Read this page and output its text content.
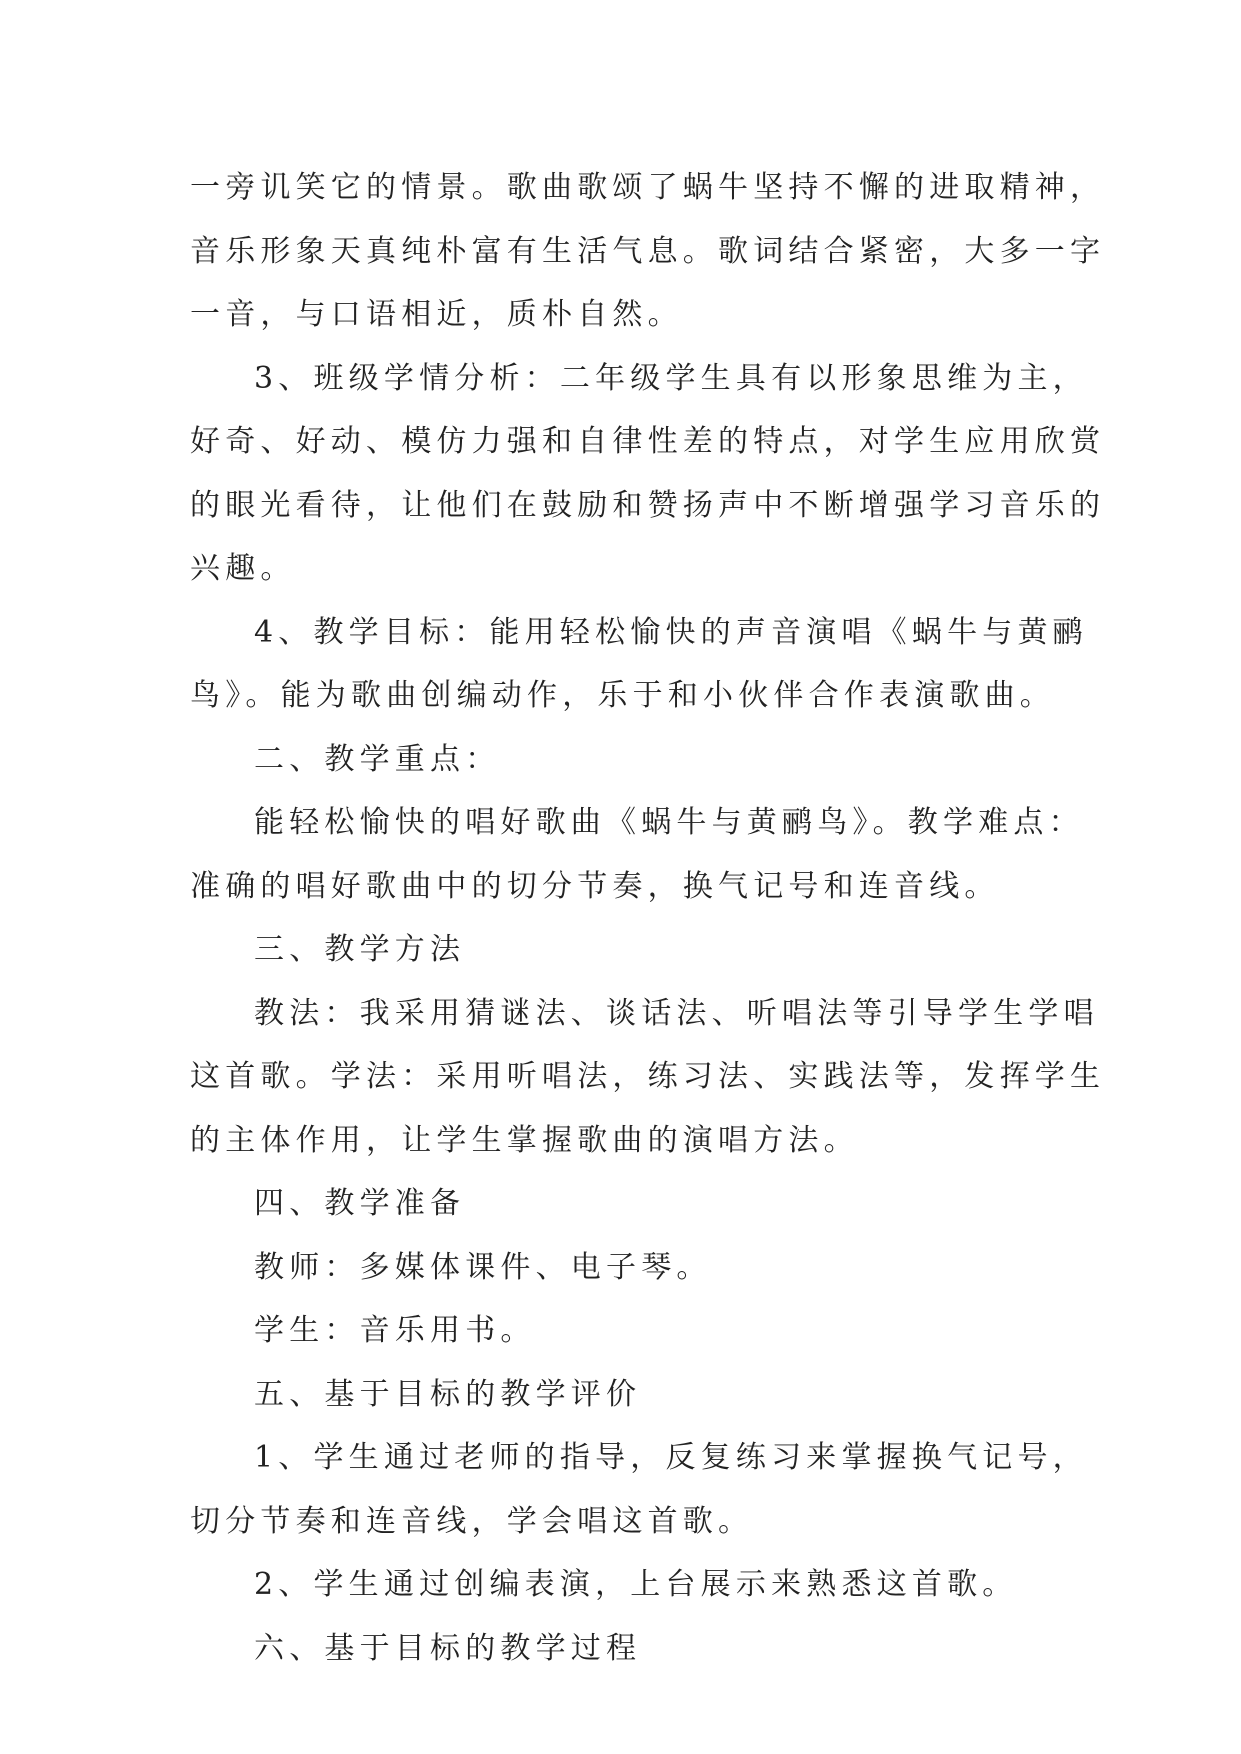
一旁讥笑它的情景。歌曲歌颂了蜗牛坚持不懈的进取精神，
音乐形象天真纯朴富有生活气息。歌词结合紧密，大多一字
一音，与口语相近，质朴自然。
3、班级学情分析：二年级学生具有以形象思维为主，
好奇、好动、模仿力强和自律性差的特点，对学生应用欣赏
的眼光看待，让他们在鼓励和赞扬声中不断增强学习音乐的
兴趣。
4、教学目标：能用轻松愉快的声音演唱《蜗牛与黄鹂
鸟》。能为歌曲创编动作，乐于和小伙伴合作表演歌曲。
二、教学重点：
能轻松愉快的唱好歌曲《蜗牛与黄鹂鸟》。教学难点：
准确的唱好歌曲中的切分节奏，换气记号和连音线。
三、教学方法
教法：我采用猜谜法、谈话法、听唱法等引导学生学唱
这首歌。学法：采用听唱法，练习法、实践法等，发挥学生
的主体作用，让学生掌握歌曲的演唱方法。
四、教学准备
教师：多媒体课件、电子琴。
学生：音乐用书。
五、基于目标的教学评价
1、学生通过老师的指导，反复练习来掌握换气记号，
切分节奏和连音线，学会唱这首歌。
2、学生通过创编表演，上台展示来熟悉这首歌。
六、基于目标的教学过程
